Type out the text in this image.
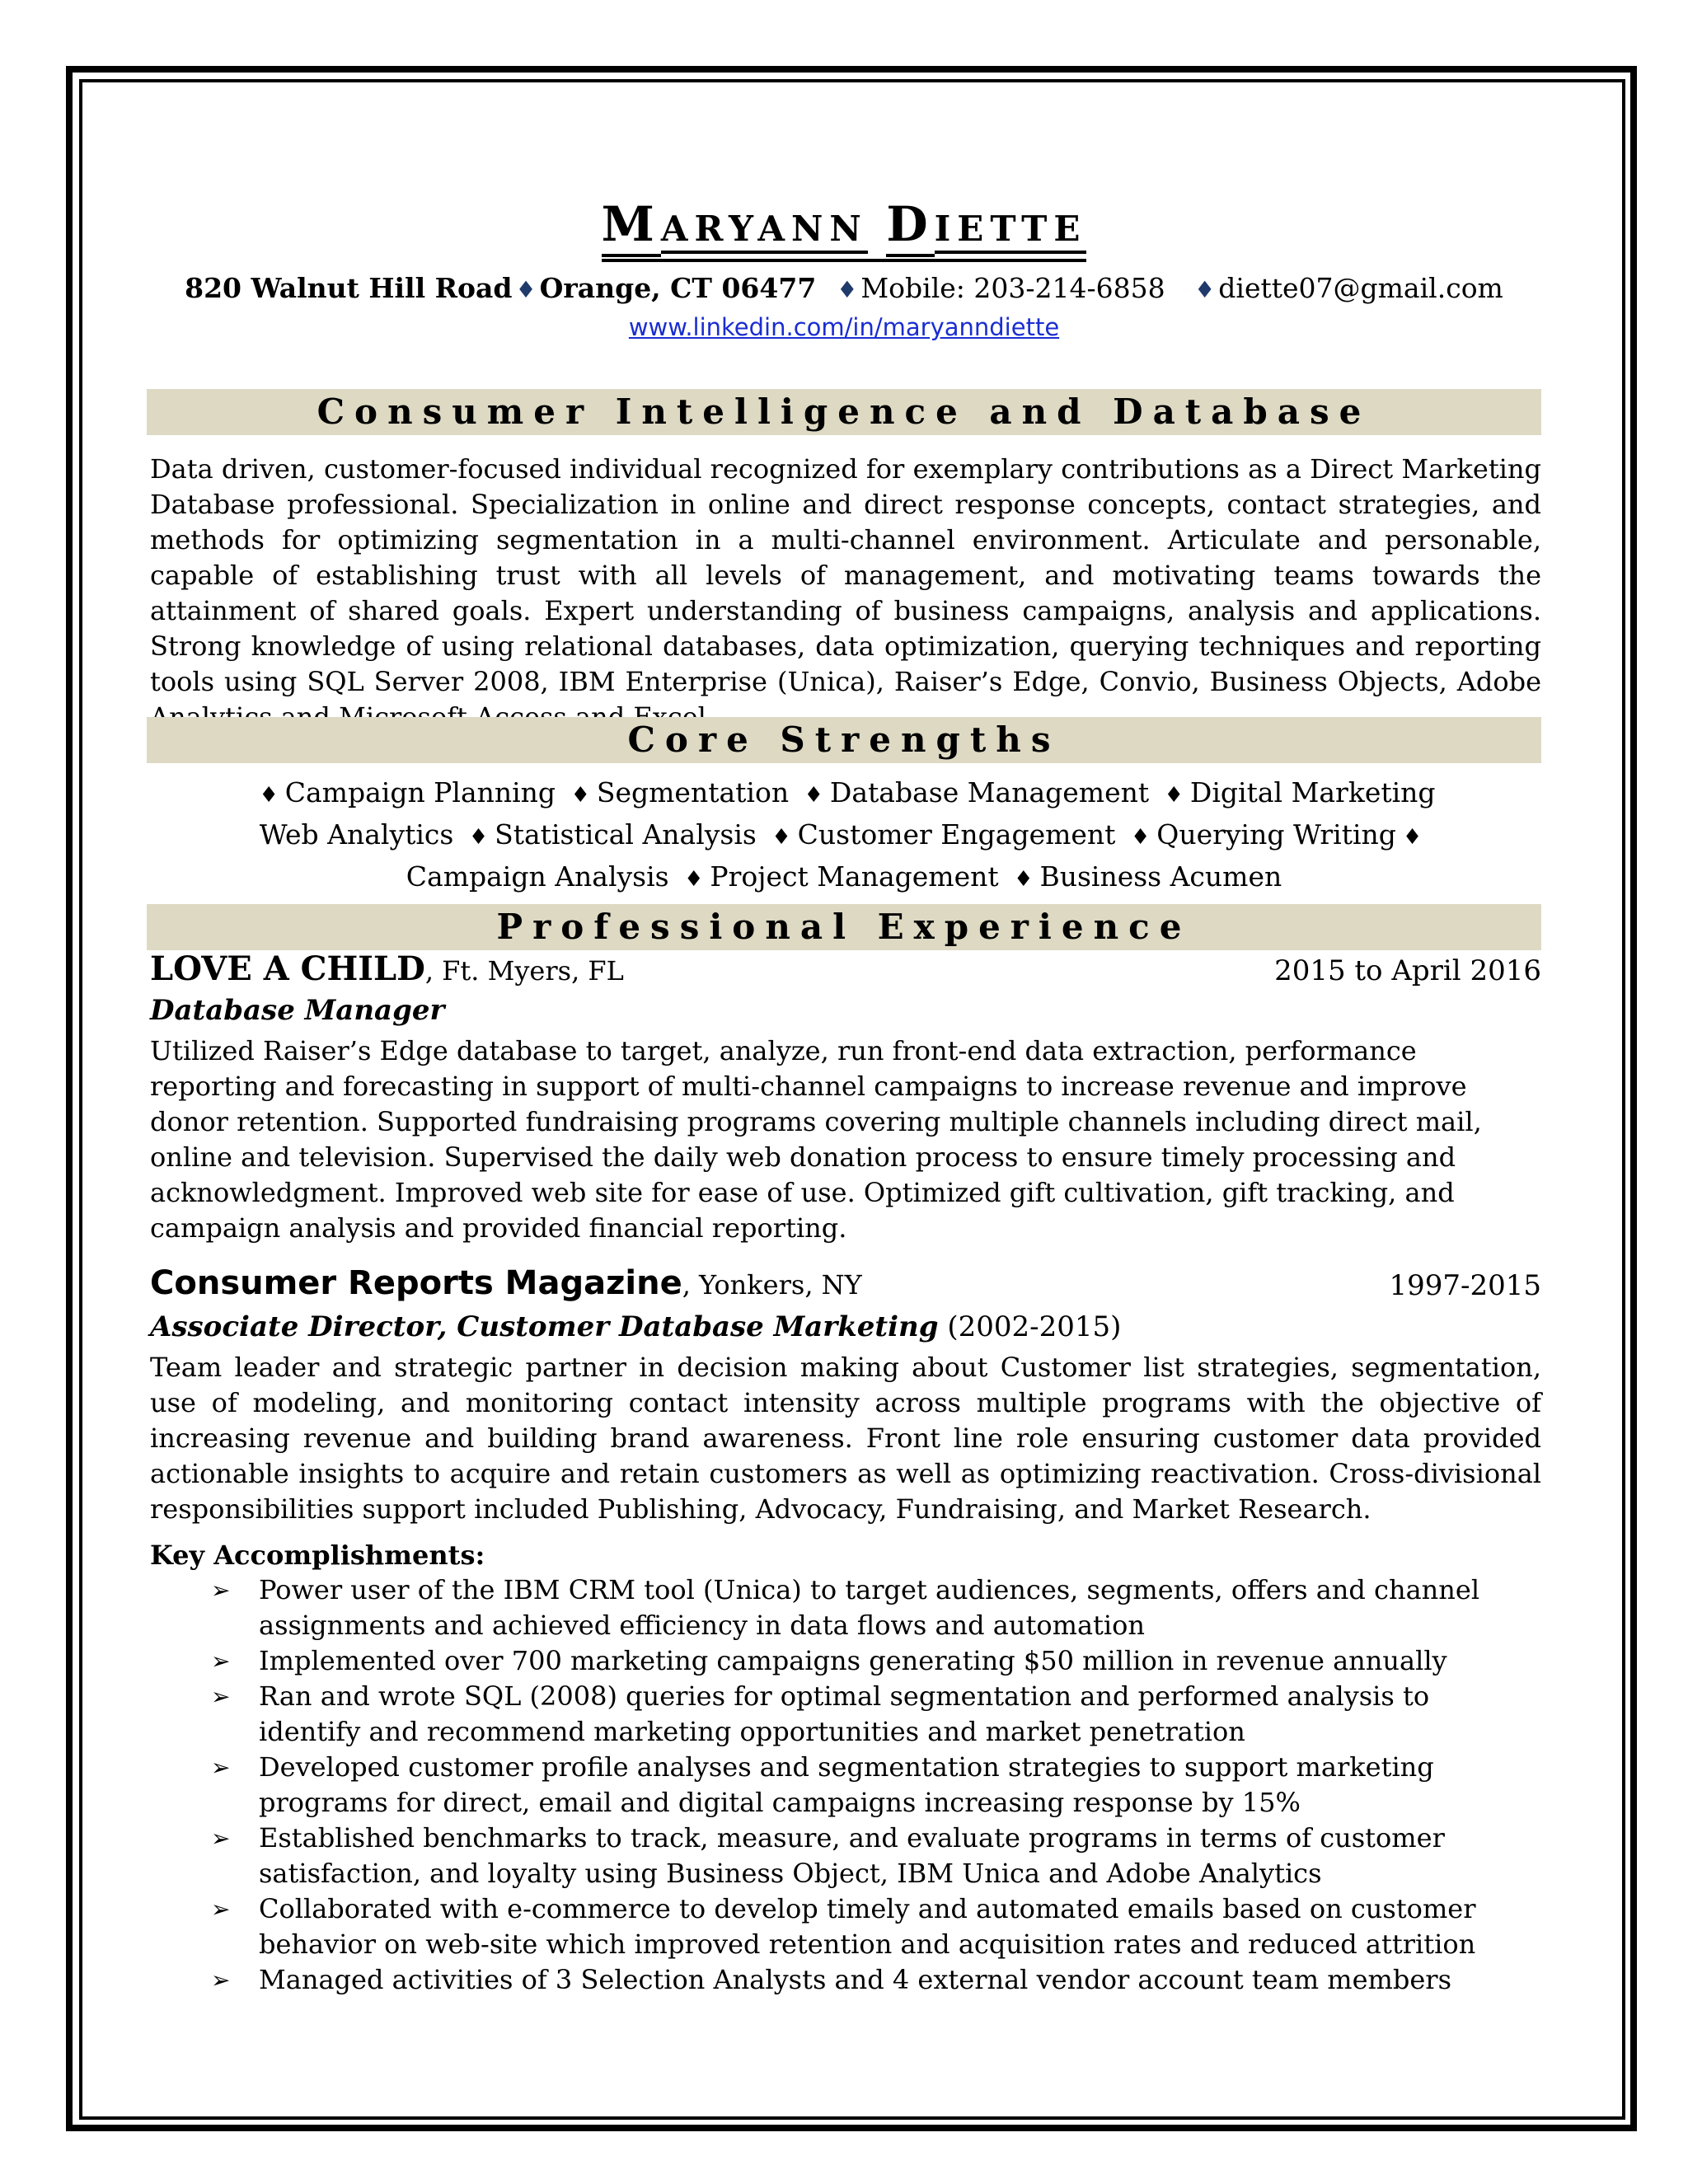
MARYANN DIETTE
820 Walnut Hill Road ♦ Orange, CT 06477 ♦ Mobile: 203-214-6858 ♦ diette07@gmail.com
www.linkedin.com/in/maryanndiette
Consumer Intelligence and Database
Data driven, customer-focused individual recognized for exemplary contributions as a Direct Marketing Database professional. Specialization in online and direct response concepts, contact strategies, and methods for optimizing segmentation in a multi-channel environment. Articulate and personable, capable of establishing trust with all levels of management, and motivating teams towards the attainment of shared goals. Expert understanding of business campaigns, analysis and applications. Strong knowledge of using relational databases, data optimization, querying techniques and reporting tools using SQL Server 2008, IBM Enterprise (Unica), Raiser’s Edge, Convio, Business Objects, Adobe
Core Strengths
♦ Campaign Planning ♦ Segmentation ♦ Database Management ♦ Digital Marketing
Web Analytics ♦ Statistical Analysis ♦ Customer Engagement ♦ Querying Writing ♦
Campaign Analysis ♦ Project Management ♦ Business Acumen
Professional Experience
LOVE A CHILD, Ft. Myers, FL	2015 to April 2016
Database Manager
Utilized Raiser’s Edge database to target, analyze, run front-end data extraction, performance reporting and forecasting in support of multi-channel campaigns to increase revenue and improve donor retention. Supported fundraising programs covering multiple channels including direct mail, online and television. Supervised the daily web donation process to ensure timely processing and acknowledgment. Improved web site for ease of use. Optimized gift cultivation, gift tracking, and campaign analysis and provided financial reporting.
Consumer Reports Magazine, Yonkers, NY	1997-2015
Associate Director, Customer Database Marketing (2002-2015)
Team leader and strategic partner in decision making about Customer list strategies, segmentation, use of modeling, and monitoring contact intensity across multiple programs with the objective of increasing revenue and building brand awareness. Front line role ensuring customer data provided actionable insights to acquire and retain customers as well as optimizing reactivation. Cross-divisional responsibilities support included Publishing, Advocacy, Fundraising, and Market Research.
Key Accomplishments:
➢ Power user of the IBM CRM tool (Unica) to target audiences, segments, offers and channel assignments and achieved efficiency in data flows and automation
➢ Implemented over 700 marketing campaigns generating $50 million in revenue annually
➢ Ran and wrote SQL (2008) queries for optimal segmentation and performed analysis to identify and recommend marketing opportunities and market penetration
➢ Developed customer profile analyses and segmentation strategies to support marketing programs for direct, email and digital campaigns increasing response by 15%
➢ Established benchmarks to track, measure, and evaluate programs in terms of customer satisfaction, and loyalty using Business Object, IBM Unica and Adobe Analytics
➢ Collaborated with e-commerce to develop timely and automated emails based on customer behavior on web-site which improved retention and acquisition rates and reduced attrition
➢ Managed activities of 3 Selection Analysts and 4 external vendor account team members
